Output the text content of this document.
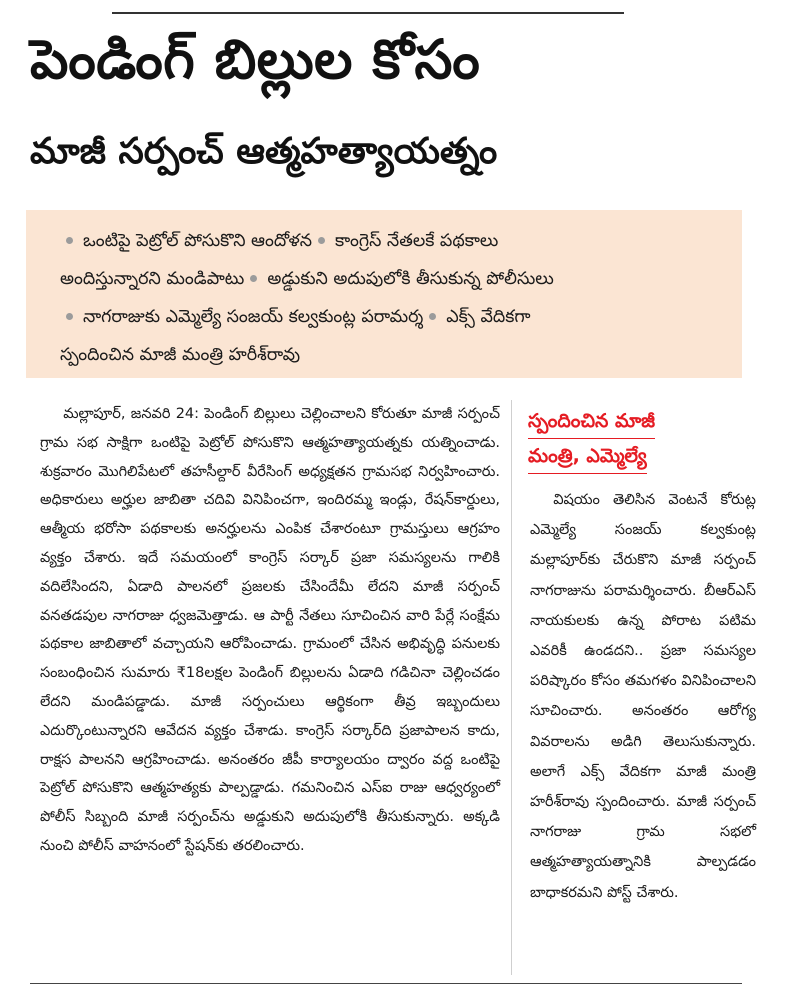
పెండింగ్ బిల్లుల కోసం
మాజీ సర్పంచ్ ఆత్మహత్యాయత్నం
ఒంటిపై పెట్రోల్ పోసుకొని ఆందోళన కాంగ్రెస్ నేతలకే పథకాలు
అందిస్తున్నారని మండిపాటు అడ్డుకుని అదుపులోకి తీసుకున్న పోలీసులు
నాగరాజుకు ఎమ్మెల్యే సంజయ్ కల్వకుంట్ల పరామర్శ ఎక్స్ వేదికగా
స్పందించిన మాజీ మంత్రి హరీశ్‌రావు

మల్లాపూర్, జనవరి 24: పెండింగ్ బిల్లులు చెల్లించాలని కోరుతూ మాజీ సర్పంచ్ గ్రామ సభ సాక్షిగా ఒంటిపై పెట్రోల్ పోసుకొని ఆత్మహత్యాయత్నకు యత్నించాడు. శుక్రవారం మొగిలిపేటలో తహసీల్దార్ వీరేసింగ్ అధ్యక్షతన గ్రామసభ నిర్వహించారు. అధికారులు అర్హుల జాబితా చదివి వినిపించగా, ఇందిరమ్మ ఇండ్లు, రేషన్‌కార్డులు, ఆత్మీయ భరోసా పథకాలకు అనర్హులను ఎంపిక చేశారంటూ గ్రామస్తులు ఆగ్రహం వ్యక్తం చేశారు. ఇదే సమయంలో కాంగ్రెస్ సర్కార్ ప్రజా సమస్యలను గాలికి వదిలేసిందని, ఏడాది పాలనలో ప్రజలకు చేసిందేమీ లేదని మాజీ సర్పంచ్ వనతడపుల నాగరాజు ధ్వజమెత్తాడు. ఆ పార్టీ నేతలు సూచించిన వారి పేర్లే సంక్షేమ పథకాల జాబితాలో వచ్చాయని ఆరోపించాడు. గ్రామంలో చేసిన అభివృద్ధి పనులకు సంబంధించిన సుమారు ₹18లక్షల పెండింగ్ బిల్లులను ఏడాది గడిచినా చెల్లించడం లేదని మండిపడ్డాడు. మాజీ సర్పంచులు ఆర్థికంగా తీవ్ర ఇబ్బందులు ఎదుర్కొంటున్నారని ఆవేదన వ్యక్తం చేశాడు. కాంగ్రెస్ సర్కార్‌ది ప్రజాపాలన కాదు, రాక్షస పాలనని ఆగ్రహించాడు. అనంతరం జీపీ కార్యాలయం ద్వారం వద్ద ఒంటిపై పెట్రోల్ పోసుకొని ఆత్మహత్యకు పాల్పడ్డాడు. గమనించిన ఎస్ఐ రాజు ఆధ్వర్యంలో పోలీస్ సిబ్బంది మాజీ సర్పంచ్‌ను అడ్డుకుని అదుపులోకి తీసుకున్నారు. అక్కడి నుంచి పోలీస్ వాహనంలో స్టేషన్‌కు తరలించారు.

స్పందించిన మాజీ
మంత్రి, ఎమ్మెల్యే

విషయం తెలిసిన వెంటనే కోరుట్ల ఎమ్మెల్యే సంజయ్ కల్వకుంట్ల మల్లాపూర్‌కు చేరుకొని మాజీ సర్పంచ్ నాగరాజును పరామర్శించారు. బీఆర్ఎస్ నాయకులకు ఉన్న పోరాట పటిమ ఎవరికీ ఉండదని.. ప్రజా సమస్యల పరిష్కారం కోసం తమగళం వినిపించాలని సూచించారు. అనంతరం ఆరోగ్య వివరాలను అడిగి తెలుసుకున్నారు. అలాగే ఎక్స్ వేదికగా మాజీ మంత్రి హరీశ్‌రావు స్పందించారు. మాజీ సర్పంచ్ నాగరాజు గ్రామ సభలో ఆత్మహత్యాయత్నానికి పాల్పడడం బాధాకరమని పోస్ట్ చేశారు.
